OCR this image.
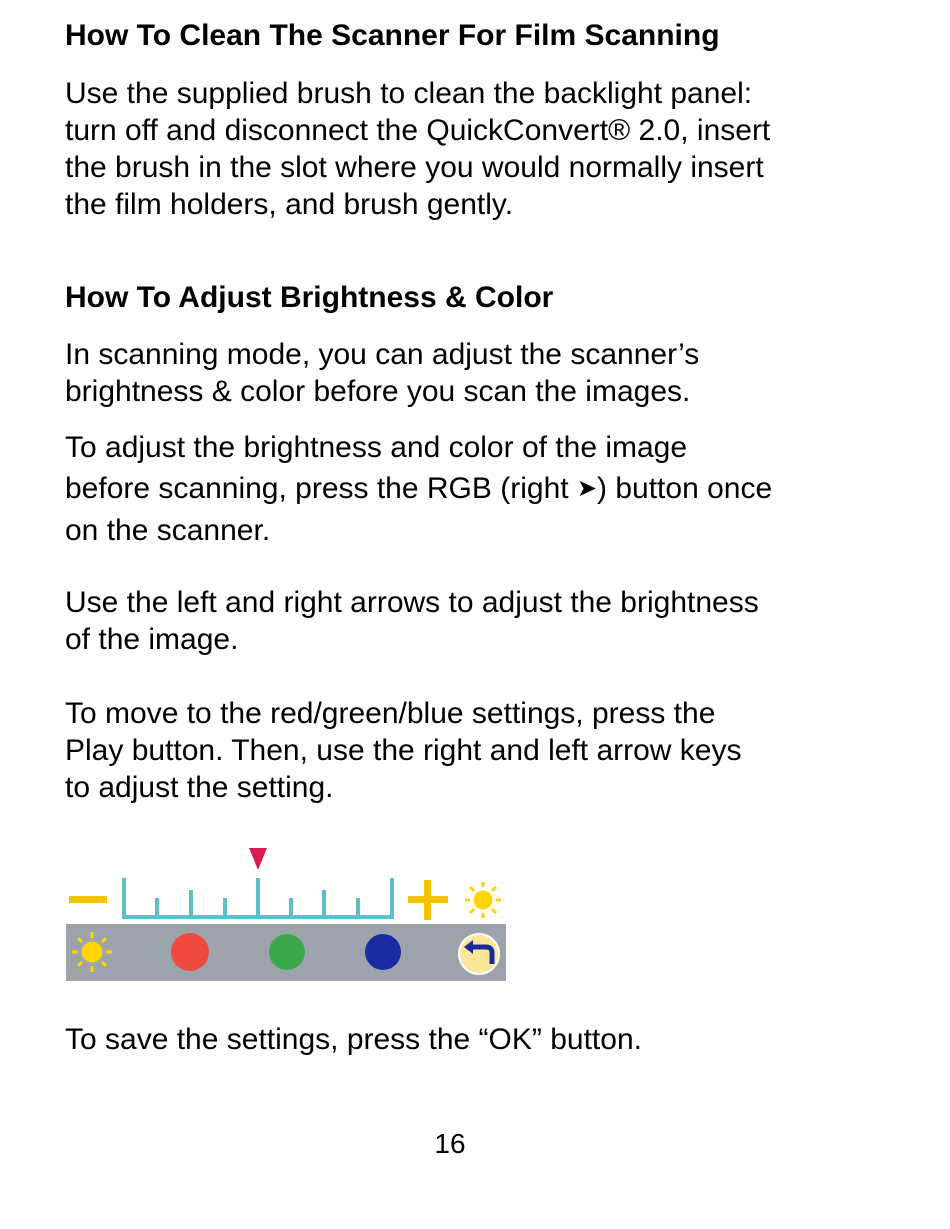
How To Clean The Scanner For Film Scanning

Use the supplied brush to clean the backlight panel:
turn off and disconnect the QuickConvert® 2.0, insert
the brush in the slot where you would normally insert
the film holders, and brush gently.

How To Adjust Brightness & Color

In scanning mode, you can adjust the scanner’s
brightness & color before you scan the images.

To adjust the brightness and color of the image
before scanning, press the RGB (right ➤) button once
on the scanner.

Use the left and right arrows to adjust the brightness
of the image.

To move to the red/green/blue settings, press the
Play button. Then, use the right and left arrow keys
to adjust the setting.

To save the settings, press the “OK” button.

16
